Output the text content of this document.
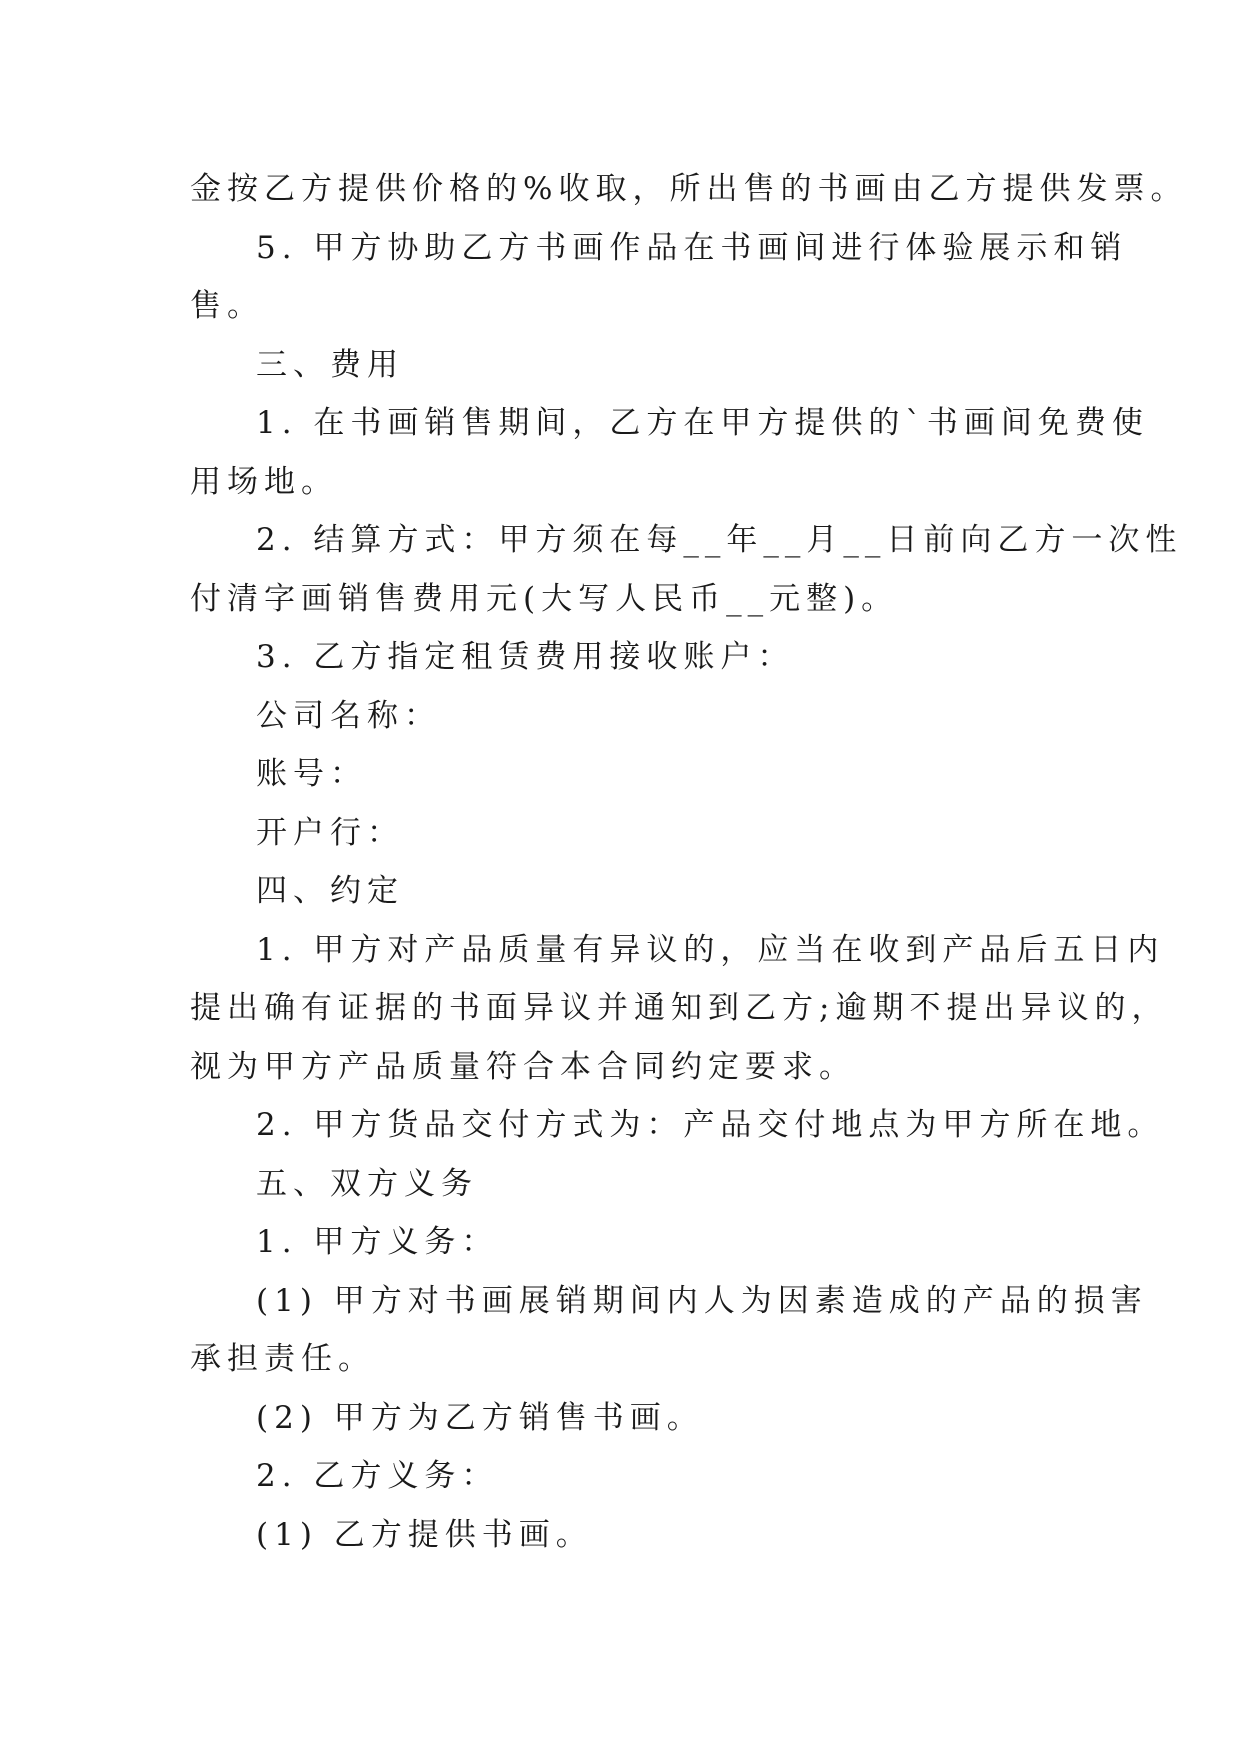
金按乙方提供价格的%收取，所出售的书画由乙方提供发票。
5. 甲方协助乙方书画作品在书画间进行体验展示和销
售。
三、费用
1. 在书画销售期间，乙方在甲方提供的`书画间免费使
用场地。
2. 结算方式：甲方须在每__年__月__日前向乙方一次性
付清字画销售费用元(大写人民币__元整)。
3. 乙方指定租赁费用接收账户：
公司名称：
账号：
开户行：
四、约定
1. 甲方对产品质量有异议的，应当在收到产品后五日内
提出确有证据的书面异议并通知到乙方;逾期不提出异议的，
视为甲方产品质量符合本合同约定要求。
2. 甲方货品交付方式为：产品交付地点为甲方所在地。
五、双方义务
1. 甲方义务：
(1) 甲方对书画展销期间内人为因素造成的产品的损害
承担责任。
(2) 甲方为乙方销售书画。
2. 乙方义务：
(1) 乙方提供书画。
